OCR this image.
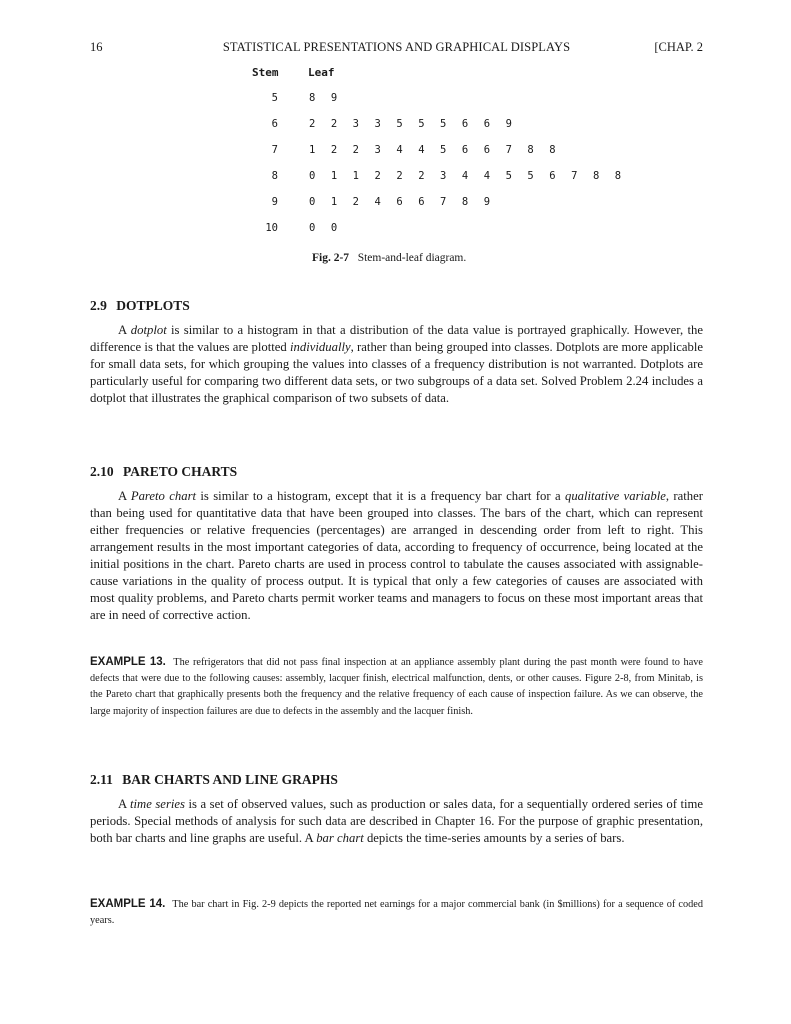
16	STATISTICAL PRESENTATIONS AND GRAPHICAL DISPLAYS	[CHAP. 2
Stem	Leaf
5	8 9
6	2 2 3 3 5 5 5 6 6 9
7	1 2 2 3 4 4 5 6 6 7 8 8
8	0 1 1 2 2 2 3 4 4 5 5 6 7 8 8
9	0 1 2 4 6 6 7 8 9
10	0 0
Fig. 2-7 Stem-and-leaf diagram.
2.9 DOTPLOTS

A dotplot is similar to a histogram in that a distribution of the data value is portrayed graphically. However, the difference is that the values are plotted individually, rather than being grouped into classes. Dotplots are more applicable for small data sets, for which grouping the values into classes of a frequency distribution is not warranted. Dotplots are particularly useful for comparing two different data sets, or two subgroups of a data set. Solved Problem 2.24 includes a dotplot that illustrates the graphical comparison of two subsets of data.

2.10 PARETO CHARTS

A Pareto chart is similar to a histogram, except that it is a frequency bar chart for a qualitative variable, rather than being used for quantitative data that have been grouped into classes. The bars of the chart, which can represent either frequencies or relative frequencies (percentages) are arranged in descending order from left to right. This arrangement results in the most important categories of data, according to frequency of occurrence, being located at the initial positions in the chart. Pareto charts are used in process control to tabulate the causes associated with assignable-cause variations in the quality of process output. It is typical that only a few categories of causes are associated with most quality problems, and Pareto charts permit worker teams and managers to focus on these most important areas that are in need of corrective action.

EXAMPLE 13. The refrigerators that did not pass final inspection at an appliance assembly plant during the past month were found to have defects that were due to the following causes: assembly, lacquer finish, electrical malfunction, dents, or other causes. Figure 2-8, from Minitab, is the Pareto chart that graphically presents both the frequency and the relative frequency of each cause of inspection failure. As we can observe, the large majority of inspection failures are due to defects in the assembly and the lacquer finish.

2.11 BAR CHARTS AND LINE GRAPHS

A time series is a set of observed values, such as production or sales data, for a sequentially ordered series of time periods. Special methods of analysis for such data are described in Chapter 16. For the purpose of graphic presentation, both bar charts and line graphs are useful. A bar chart depicts the time-series amounts by a series of bars.

EXAMPLE 14. The bar chart in Fig. 2-9 depicts the reported net earnings for a major commercial bank (in $millions) for a sequence of coded years.
